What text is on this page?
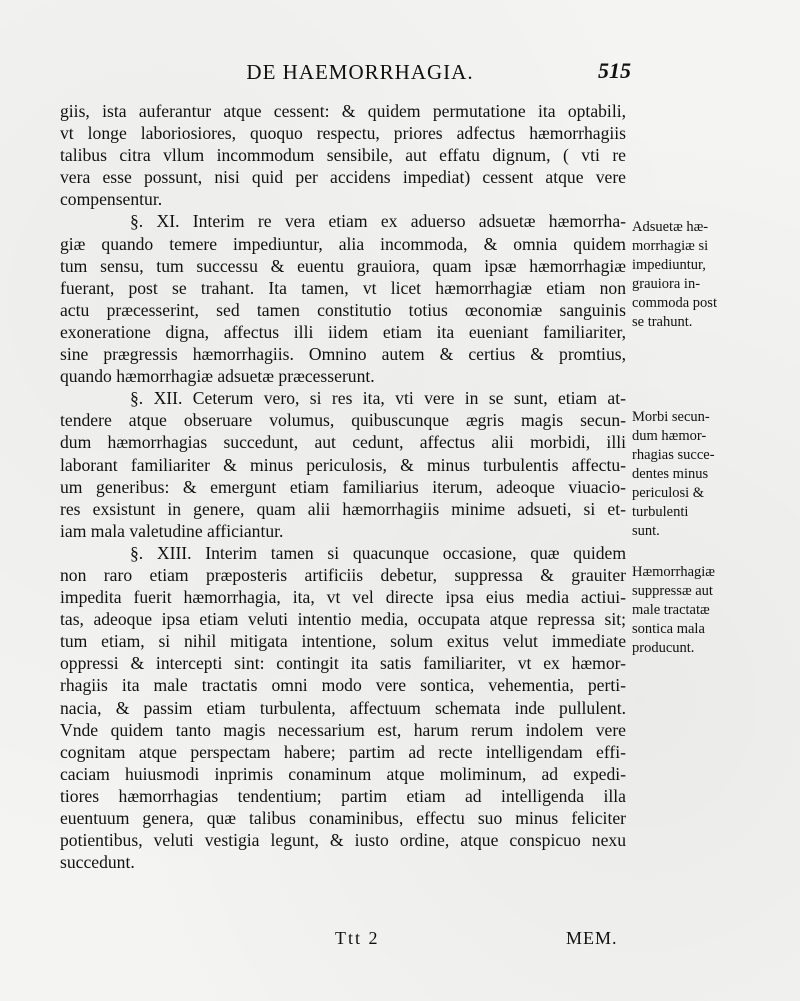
DE HAEMORRHAGIA.	515
giis, ista auferantur atque cessent: & quidem permutatione ita optabili,
vt longe laboriosiores, quoquo respectu, priores adfectus hæmorrhagiis
talibus citra vllum incommodum sensibile, aut effatu dignum, ( vti re
vera esse possunt, nisi quid per accidens impediat) cessent atque vere
compensentur.
§. XI. Interim re vera etiam ex aduerso adsuetæ hæmorrha-
giæ quando temere impediuntur, alia incommoda, & omnia quidem
tum sensu, tum successu & euentu grauiora, quam ipsæ hæmorrhagiæ
fuerant, post se trahant. Ita tamen, vt licet hæmorrhagiæ etiam non
actu præcesserint, sed tamen constitutio totius œconomiæ sanguinis
exoneratione digna, affectus illi iidem etiam ita eueniant familiariter,
sine prægressis hæmorrhagiis. Omnino autem & certius & promtius,
quando hæmorrhagiæ adsuetæ præcesserunt.
§. XII. Ceterum vero, si res ita, vti vere in se sunt, etiam at-
tendere atque obseruare volumus, quibuscunque ægris magis secun-
dum hæmorrhagias succedunt, aut cedunt, affectus alii morbidi, illi
laborant familiariter & minus periculosis, & minus turbulentis affectu-
um generibus: & emergunt etiam familiarius iterum, adeoque viuacio-
res exsistunt in genere, quam alii hæmorrhagiis minime adsueti, si et-
iam mala valetudine afficiantur.
§. XIII. Interim tamen si quacunque occasione, quæ quidem
non raro etiam præposteris artificiis debetur, suppressa & grauiter
impedita fuerit hæmorrhagia, ita, vt vel directe ipsa eius media actiui-
tas, adeoque ipsa etiam veluti intentio media, occupata atque repressa sit;
tum etiam, si nihil mitigata intentione, solum exitus velut immediate
oppressi & intercepti sint: contingit ita satis familiariter, vt ex hæmor-
rhagiis ita male tractatis omni modo vere sontica, vehementia, perti-
nacia, & passim etiam turbulenta, affectuum schemata inde pullulent.
Vnde quidem tanto magis necessarium est, harum rerum indolem vere
cognitam atque perspectam habere; partim ad recte intelligendam effi-
caciam huiusmodi inprimis conaminum atque moliminum, ad expedi-
tiores hæmorrhagias tendentium; partim etiam ad intelligenda illa
euentuum genera, quæ talibus conaminibus, effectu suo minus feliciter
potientibus, veluti vestigia legunt, & iusto ordine, atque conspicuo nexu
succedunt.
Adsuetæ hæ-
morrhagiæ si
impediuntur,
grauiora in-
commoda post
se trahunt.
Morbi secun-
dum hæmor-
rhagias succe-
dentes minus
periculosi &
turbulenti
sunt.
Hæmorrhagiæ
suppressæ aut
male tractatæ
sontica mala
producunt.
Ttt 2	MEM.
